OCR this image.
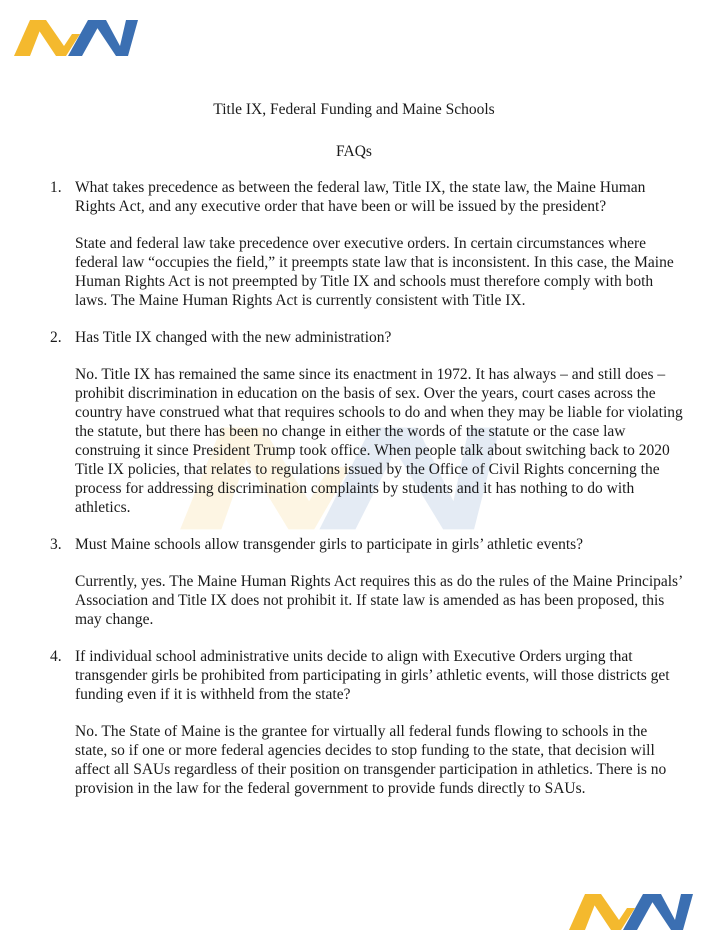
Title IX, Federal Funding and Maine Schools
FAQs
1. What takes precedence as between the federal law, Title IX, the state law, the Maine Human Rights Act, and any executive order that have been or will be issued by the president?
State and federal law take precedence over executive orders. In certain circumstances where federal law “occupies the field,” it preempts state law that is inconsistent. In this case, the Maine Human Rights Act is not preempted by Title IX and schools must therefore comply with both laws. The Maine Human Rights Act is currently consistent with Title IX.
2. Has Title IX changed with the new administration?
No. Title IX has remained the same since its enactment in 1972. It has always – and still does – prohibit discrimination in education on the basis of sex. Over the years, court cases across the country have construed what that requires schools to do and when they may be liable for violating the statute, but there has been no change in either the words of the statute or the case law construing it since President Trump took office. When people talk about switching back to 2020 Title IX policies, that relates to regulations issued by the Office of Civil Rights concerning the process for addressing discrimination complaints by students and it has nothing to do with athletics.
3. Must Maine schools allow transgender girls to participate in girls’ athletic events?
Currently, yes. The Maine Human Rights Act requires this as do the rules of the Maine Principals’ Association and Title IX does not prohibit it. If state law is amended as has been proposed, this may change.
4. If individual school administrative units decide to align with Executive Orders urging that transgender girls be prohibited from participating in girls’ athletic events, will those districts get funding even if it is withheld from the state?
No. The State of Maine is the grantee for virtually all federal funds flowing to schools in the state, so if one or more federal agencies decides to stop funding to the state, that decision will affect all SAUs regardless of their position on transgender participation in athletics. There is no provision in the law for the federal government to provide funds directly to SAUs.
